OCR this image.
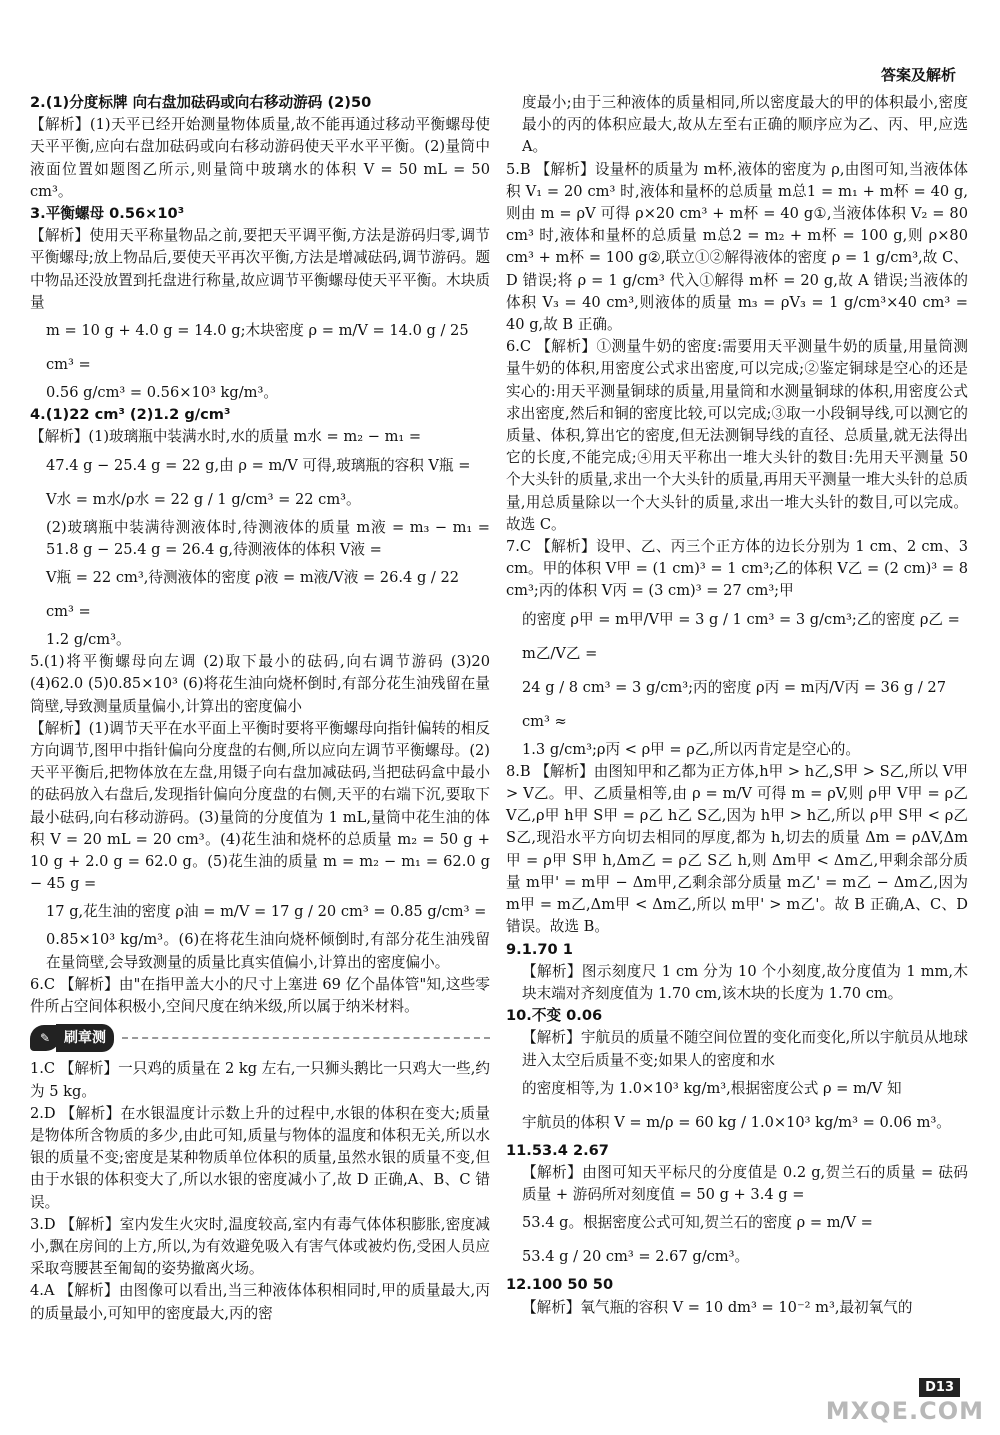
答案及解析

2.(1)分度标牌 向右盘加砝码或向右移动游码 (2)50

【解析】(1)天平已经开始测量物体质量,故不能再通过移动平衡螺母使天平平衡,应向右盘加砝码或向右移动游码使天平水平平衡。(2)量筒中液面位置如题图乙所示,则量筒中玻璃水的体积 V = 50 mL = 50 cm³。

3.平衡螺母 0.56×10³

【解析】使用天平称量物品之前,要把天平调平衡,方法是游码归零,调节平衡螺母;放上物品后,要使天平再次平衡,方法是增减砝码,调节游码。题中物品还没放置到托盘进行称量,故应调节平衡螺母使天平平衡。木块质量

m = 10 g + 4.0 g = 14.0 g;木块密度 ρ = m/V = 14.0 g / 25 cm³ =

0.56 g/cm³ = 0.56×10³ kg/m³。

4.(1)22 cm³ (2)1.2 g/cm³

【解析】(1)玻璃瓶中装满水时,水的质量 m水 = m₂ − m₁ =

47.4 g − 25.4 g = 22 g,由 ρ = m/V 可得,玻璃瓶的容积 V瓶 =

V水 = m水/ρ水 = 22 g / 1 g/cm³ = 22 cm³。

(2)玻璃瓶中装满待测液体时,待测液体的质量 m液 = m₃ − m₁ = 51.8 g − 25.4 g = 26.4 g,待测液体的体积 V液 =

V瓶 = 22 cm³,待测液体的密度 ρ液 = m液/V液 = 26.4 g / 22 cm³ =

1.2 g/cm³。

5.(1)将平衡螺母向左调 (2)取下最小的砝码,向右调节游码 (3)20 (4)62.0 (5)0.85×10³ (6)将花生油向烧杯倒时,有部分花生油残留在量筒壁,导致测量质量偏小,计算出的密度偏小

【解析】(1)调节天平在水平面上平衡时要将平衡螺母向指针偏转的相反方向调节,图甲中指针偏向分度盘的右侧,所以应向左调节平衡螺母。(2)天平平衡后,把物体放在左盘,用镊子向右盘加减砝码,当把砝码盒中最小的砝码放入右盘后,发现指针偏向分度盘的右侧,天平的右端下沉,要取下最小砝码,向右移动游码。(3)量筒的分度值为 1 mL,量筒中花生油的体积 V = 20 mL = 20 cm³。(4)花生油和烧杯的总质量 m₂ = 50 g + 10 g + 2.0 g = 62.0 g。(5)花生油的质量 m = m₂ − m₁ = 62.0 g − 45 g =

17 g,花生油的密度 ρ油 = m/V = 17 g / 20 cm³ = 0.85 g/cm³ =

0.85×10³ kg/m³。(6)在将花生油向烧杯倾倒时,有部分花生油残留在量筒壁,会导致测量的质量比真实值偏小,计算出的密度偏小。

6.C 【解析】由"在指甲盖大小的尺寸上塞进 69 亿个晶体管"知,这些零件所占空间体积极小,空间尺度在纳米级,所以属于纳米材料。

✎ 刷章测

1.C 【解析】一只鸡的质量在 2 kg 左右,一只狮头鹅比一只鸡大一些,约为 5 kg。

2.D 【解析】在水银温度计示数上升的过程中,水银的体积在变大;质量是物体所含物质的多少,由此可知,质量与物体的温度和体积无关,所以水银的质量不变;密度是某种物质单位体积的质量,虽然水银的质量不变,但由于水银的体积变大了,所以水银的密度减小了,故 D 正确,A、B、C 错误。

3.D 【解析】室内发生火灾时,温度较高,室内有毒气体体积膨胀,密度减小,飘在房间的上方,所以,为有效避免吸入有害气体或被灼伤,受困人员应采取弯腰甚至匍匐的姿势撤离火场。

4.A 【解析】由图像可以看出,当三种液体体积相同时,甲的质量最大,丙的质量最小,可知甲的密度最大,丙的密

度最小;由于三种液体的质量相同,所以密度最大的甲的体积最小,密度最小的丙的体积应最大,故从左至右正确的顺序应为乙、丙、甲,应选 A。

5.B 【解析】设量杯的质量为 m杯,液体的密度为 ρ,由图可知,当液体体积 V₁ = 20 cm³ 时,液体和量杯的总质量 m总1 = m₁ + m杯 = 40 g,则由 m = ρV 可得 ρ×20 cm³ + m杯 = 40 g①,当液体体积 V₂ = 80 cm³ 时,液体和量杯的总质量 m总2 = m₂ + m杯 = 100 g,则 ρ×80 cm³ + m杯 = 100 g②,联立①②解得液体的密度 ρ = 1 g/cm³,故 C、D 错误;将 ρ = 1 g/cm³ 代入①解得 m杯 = 20 g,故 A 错误;当液体的体积 V₃ = 40 cm³,则液体的质量 m₃ = ρV₃ = 1 g/cm³×40 cm³ = 40 g,故 B 正确。

6.C 【解析】①测量牛奶的密度:需要用天平测量牛奶的质量,用量筒测量牛奶的体积,用密度公式求出密度,可以完成;②鉴定铜球是空心的还是实心的:用天平测量铜球的质量,用量筒和水测量铜球的体积,用密度公式求出密度,然后和铜的密度比较,可以完成;③取一小段铜导线,可以测它的质量、体积,算出它的密度,但无法测铜导线的直径、总质量,就无法得出它的长度,不能完成;④用天平称出一堆大头针的数目:先用天平测量 50 个大头针的质量,求出一个大头针的质量,再用天平测量一堆大头针的总质量,用总质量除以一个大头针的质量,求出一堆大头针的数目,可以完成。故选 C。

7.C 【解析】设甲、乙、丙三个正方体的边长分别为 1 cm、2 cm、3 cm。甲的体积 V甲 = (1 cm)³ = 1 cm³;乙的体积 V乙 = (2 cm)³ = 8 cm³;丙的体积 V丙 = (3 cm)³ = 27 cm³;甲

的密度 ρ甲 = m甲/V甲 = 3 g / 1 cm³ = 3 g/cm³;乙的密度 ρ乙 = m乙/V乙 =

24 g / 8 cm³ = 3 g/cm³;丙的密度 ρ丙 = m丙/V丙 = 36 g / 27 cm³ ≈

1.3 g/cm³;ρ丙 < ρ甲 = ρ乙,所以丙肯定是空心的。

8.B 【解析】由图知甲和乙都为正方体,h甲 > h乙,S甲 > S乙,所以 V甲 > V乙。甲、乙质量相等,由 ρ = m/V 可得 m = ρV,则 ρ甲 V甲 = ρ乙 V乙,ρ甲 h甲 S甲 = ρ乙 h乙 S乙,因为 h甲 > h乙,所以 ρ甲 S甲 < ρ乙 S乙,现沿水平方向切去相同的厚度,都为 h,切去的质量 Δm = ρΔV,Δm甲 = ρ甲 S甲 h,Δm乙 = ρ乙 S乙 h,则 Δm甲 < Δm乙,甲剩余部分质量 m甲' = m甲 − Δm甲,乙剩余部分质量 m乙' = m乙 − Δm乙,因为 m甲 = m乙,Δm甲 < Δm乙,所以 m甲' > m乙'。故 B 正确,A、C、D 错误。故选 B。

9.1.70 1

【解析】图示刻度尺 1 cm 分为 10 个小刻度,故分度值为 1 mm,木块末端对齐刻度值为 1.70 cm,该木块的长度为 1.70 cm。

10.不变 0.06

【解析】宇航员的质量不随空间位置的变化而变化,所以宇航员从地球进入太空后质量不变;如果人的密度和水

的密度相等,为 1.0×10³ kg/m³,根据密度公式 ρ = m/V 知

宇航员的体积 V = m/ρ = 60 kg / 1.0×10³ kg/m³ = 0.06 m³。

11.53.4 2.67

【解析】由图可知天平标尺的分度值是 0.2 g,贺兰石的质量 = 砝码质量 + 游码所对刻度值 = 50 g + 3.4 g =

53.4 g。根据密度公式可知,贺兰石的密度 ρ = m/V =

53.4 g / 20 cm³ = 2.67 g/cm³。

12.100 50 50

【解析】氧气瓶的容积 V = 10 dm³ = 10⁻² m³,最初氧气的

D13
MXQE.COM
